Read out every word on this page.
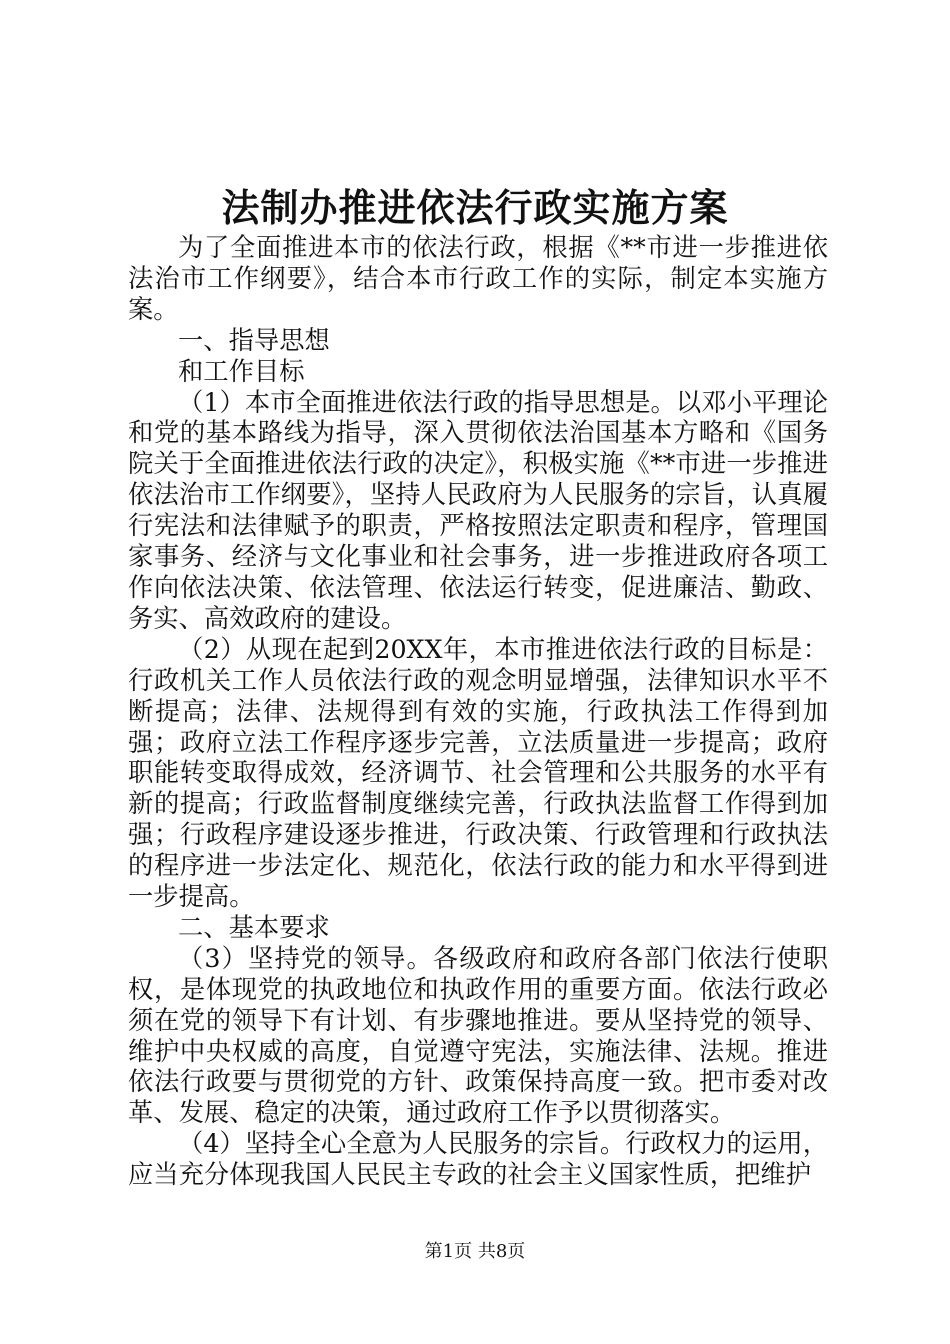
法制办推进依法行政实施方案

为了全面推进本市的依法行政，根据《**市进一步推进依法治市工作纲要》，结合本市行政工作的实际，制定本实施方案。

一、指导思想

和工作目标

（1）本市全面推进依法行政的指导思想是。以邓小平理论和党的基本路线为指导，深入贯彻依法治国基本方略和《国务院关于全面推进依法行政的决定》，积极实施《**市进一步推进依法治市工作纲要》，坚持人民政府为人民服务的宗旨，认真履行宪法和法律赋予的职责，严格按照法定职责和程序，管理国家事务、经济与文化事业和社会事务，进一步推进政府各项工作向依法决策、依法管理、依法运行转变，促进廉洁、勤政、务实、高效政府的建设。

（2）从现在起到20XX年，本市推进依法行政的目标是：行政机关工作人员依法行政的观念明显增强，法律知识水平不断提高；法律、法规得到有效的实施，行政执法工作得到加强；政府立法工作程序逐步完善，立法质量进一步提高；政府职能转变取得成效，经济调节、社会管理和公共服务的水平有新的提高；行政监督制度继续完善，行政执法监督工作得到加强；行政程序建设逐步推进，行政决策、行政管理和行政执法的程序进一步法定化、规范化，依法行政的能力和水平得到进一步提高。

二、基本要求

（3）坚持党的领导。各级政府和政府各部门依法行使职权，是体现党的执政地位和执政作用的重要方面。依法行政必须在党的领导下有计划、有步骤地推进。要从坚持党的领导、维护中央权威的高度，自觉遵守宪法，实施法律、法规。推进依法行政要与贯彻党的方针、政策保持高度一致。把市委对改革、发展、稳定的决策，通过政府工作予以贯彻落实。

（4）坚持全心全意为人民服务的宗旨。行政权力的运用，应当充分体现我国人民民主专政的社会主义国家性质，把维护

第1页 共8页
